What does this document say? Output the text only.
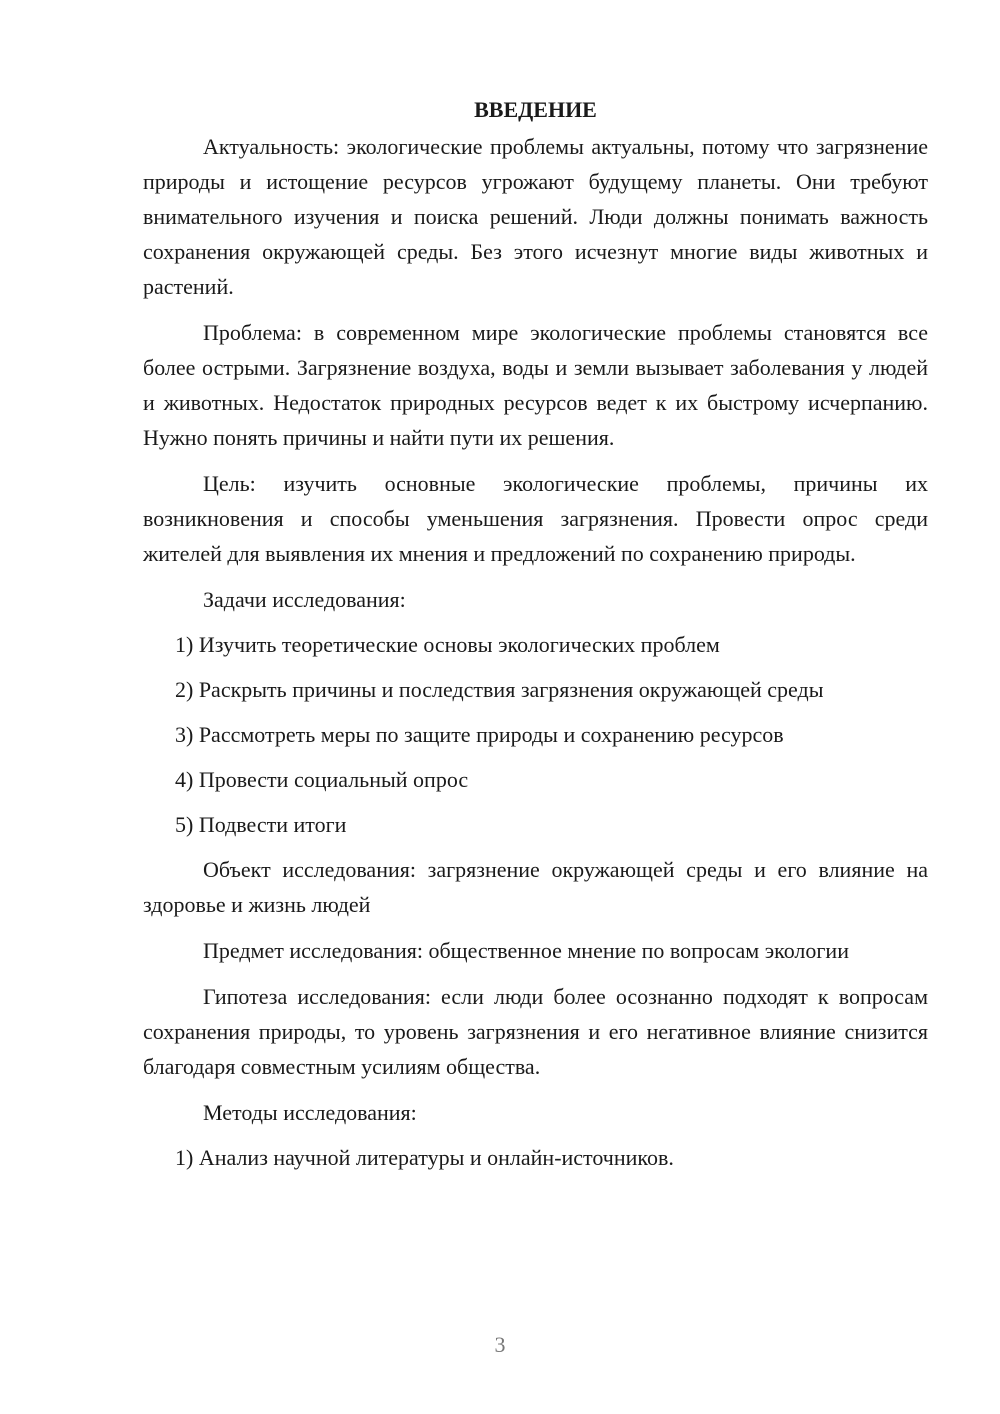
ВВЕДЕНИЕ

Актуальность: экологические проблемы актуальны, потому что загрязнение природы и истощение ресурсов угрожают будущему планеты. Они требуют внимательного изучения и поиска решений. Люди должны понимать важность сохранения окружающей среды. Без этого исчезнут многие виды животных и растений.

Проблема: в современном мире экологические проблемы становятся все более острыми. Загрязнение воздуха, воды и земли вызывает заболевания у людей и животных. Недостаток природных ресурсов ведет к их быстрому исчерпанию. Нужно понять причины и найти пути их решения.

Цель: изучить основные экологические проблемы, причины их возникновения и способы уменьшения загрязнения. Провести опрос среди жителей для выявления их мнения и предложений по сохранению природы.

Задачи исследования:
1) Изучить теоретические основы экологических проблем
2) Раскрыть причины и последствия загрязнения окружающей среды
3) Рассмотреть меры по защите природы и сохранению ресурсов
4) Провести социальный опрос
5) Подвести итоги

Объект исследования: загрязнение окружающей среды и его влияние на здоровье и жизнь людей

Предмет исследования: общественное мнение по вопросам экологии

Гипотеза исследования: если люди более осознанно подходят к вопросам сохранения природы, то уровень загрязнения и его негативное влияние снизится благодаря совместным усилиям общества.

Методы исследования:
1) Анализ научной литературы и онлайн-источников.
3
